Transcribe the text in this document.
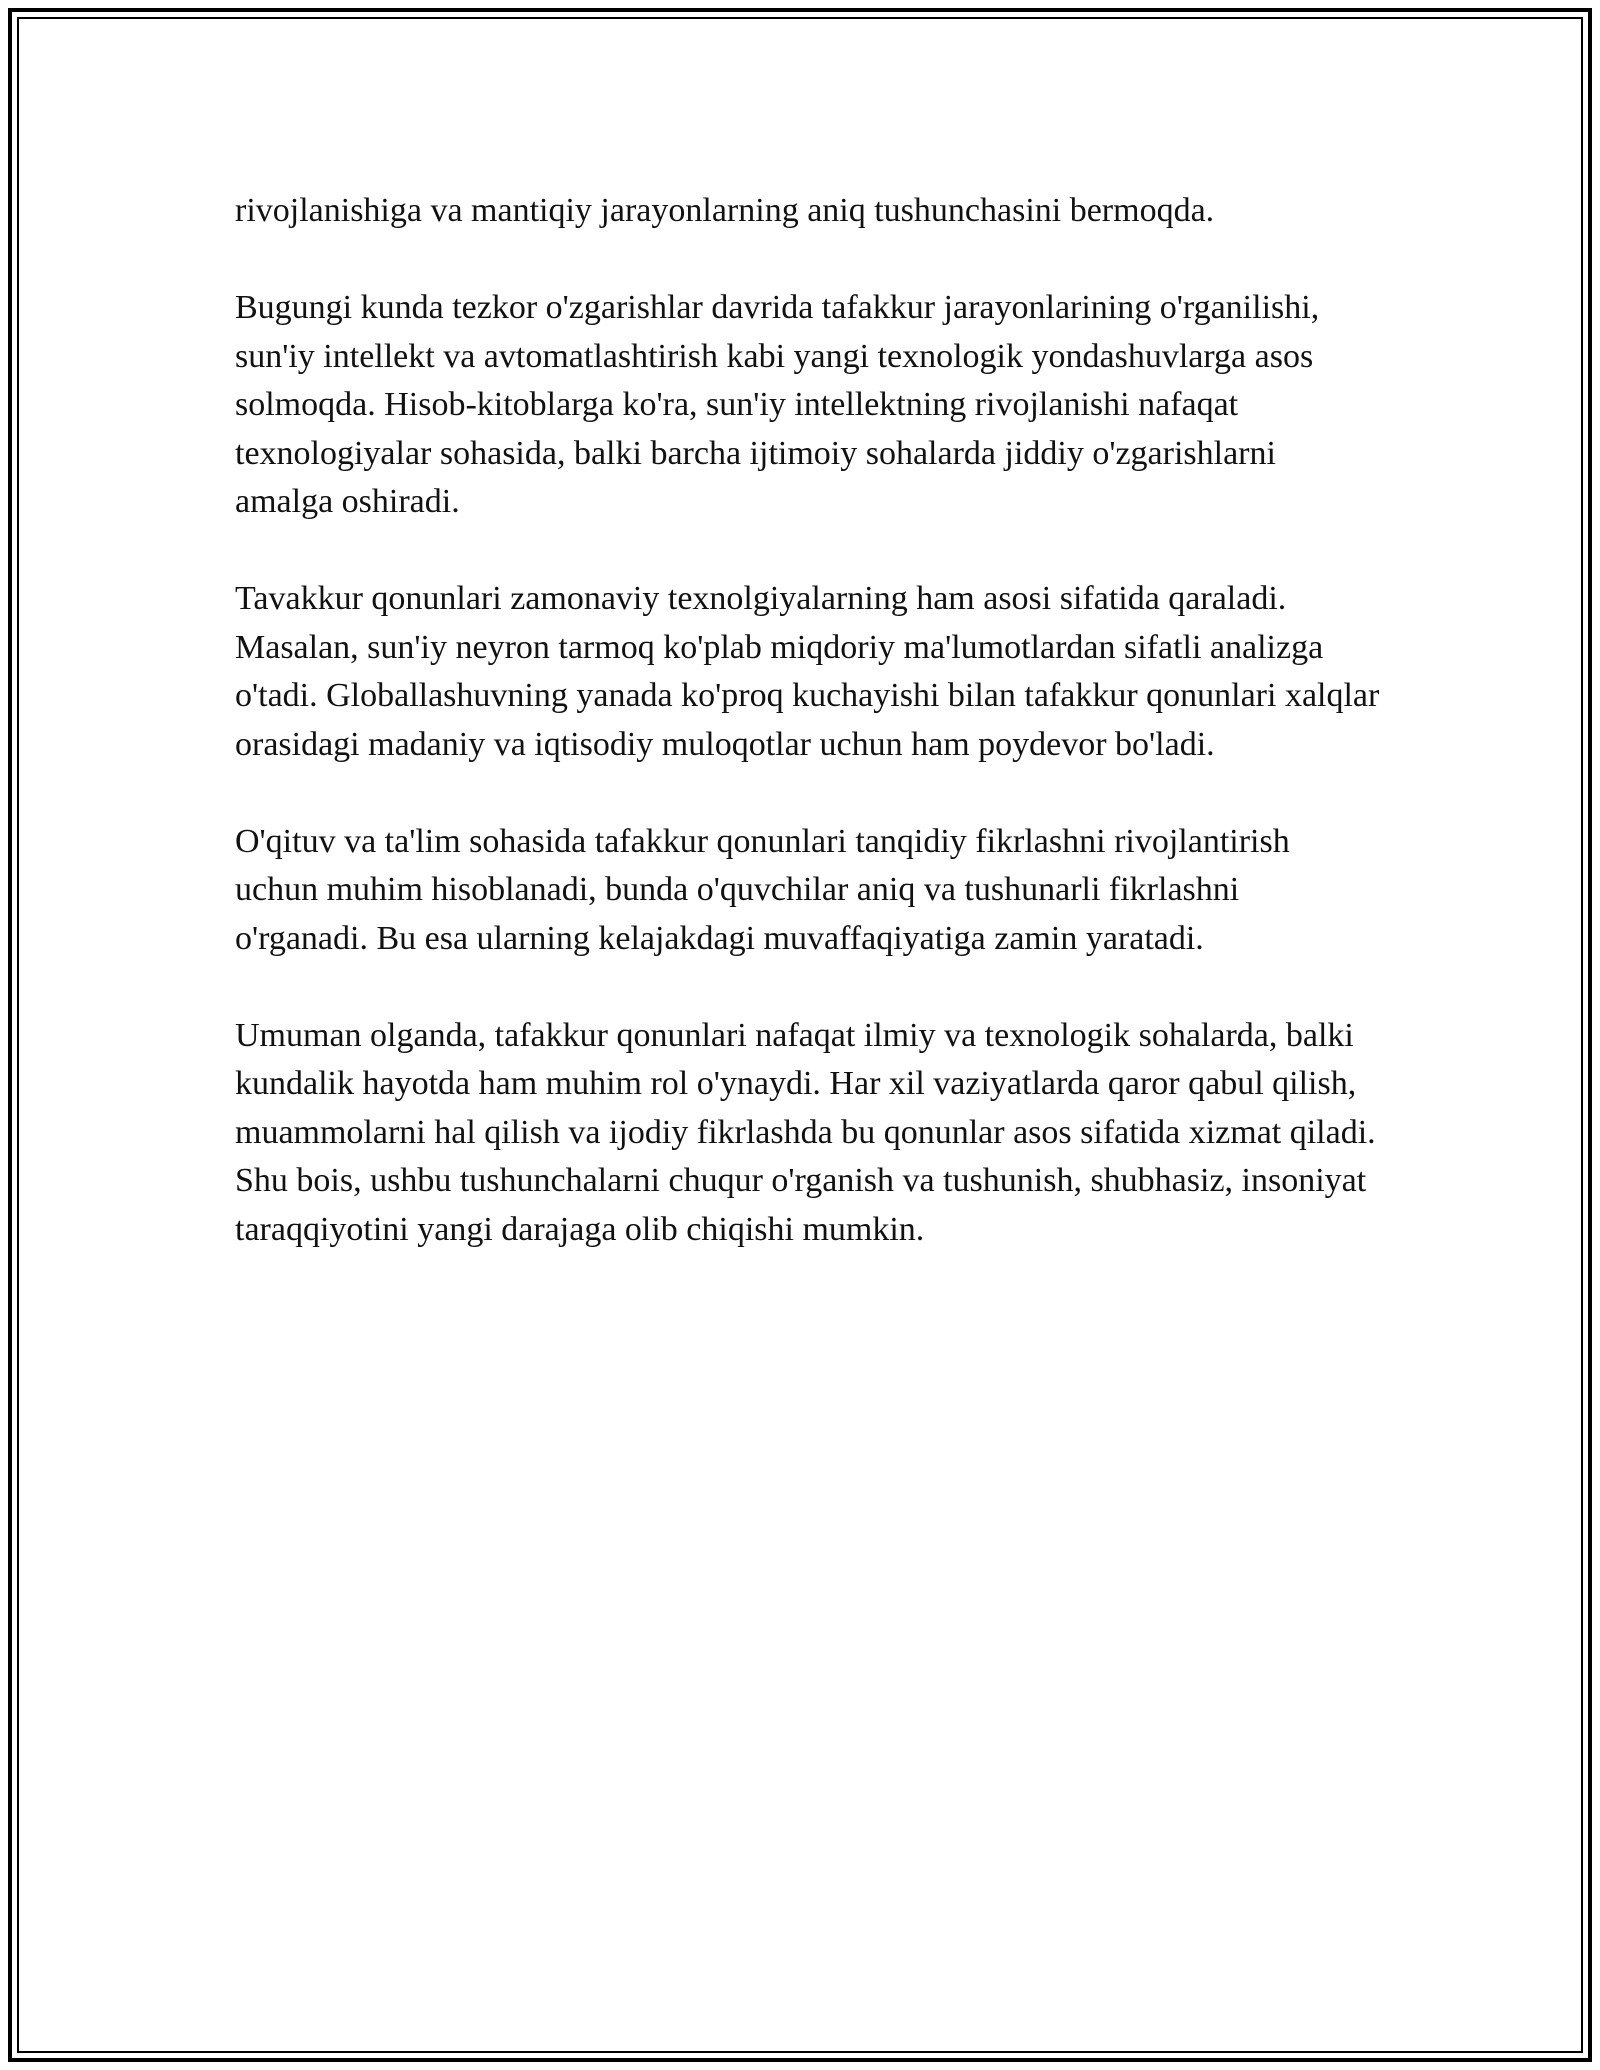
rivojlanishiga va mantiqiy jarayonlarning aniq tushunchasini bermoqda.

Bugungi kunda tezkor o'zgarishlar davrida tafakkur jarayonlarining o'rganilishi, sun'iy intellekt va avtomatlashtirish kabi yangi texnologik yondashuvlarga asos solmoqda. Hisob-kitoblarga ko'ra, sun'iy intellektning rivojlanishi nafaqat texnologiyalar sohasida, balki barcha ijtimoiy sohalarda jiddiy o'zgarishlarni amalga oshiradi.

Tavakkur qonunlari zamonaviy texnolgiyalarning ham asosi sifatida qaraladi. Masalan, sun'iy neyron tarmoq ko'plab miqdoriy ma'lumotlardan sifatli analizga o'tadi. Globallashuvning yanada ko'proq kuchayishi bilan tafakkur qonunlari xalqlar orasidagi madaniy va iqtisodiy muloqotlar uchun ham poydevor bo'ladi.

O'qituv va ta'lim sohasida tafakkur qonunlari tanqidiy fikrlashni rivojlantirish uchun muhim hisoblanadi, bunda o'quvchilar aniq va tushunarli fikrlashni o'rganadi. Bu esa ularning kelajakdagi muvaffaqiyatiga zamin yaratadi.

Umuman olganda, tafakkur qonunlari nafaqat ilmiy va texnologik sohalarda, balki kundalik hayotda ham muhim rol o'ynaydi. Har xil vaziyatlarda qaror qabul qilish, muammolarni hal qilish va ijodiy fikrlashda bu qonunlar asos sifatida xizmat qiladi. Shu bois, ushbu tushunchalarni chuqur o'rganish va tushunish, shubhasiz, insoniyat taraqqiyotini yangi darajaga olib chiqishi mumkin.
